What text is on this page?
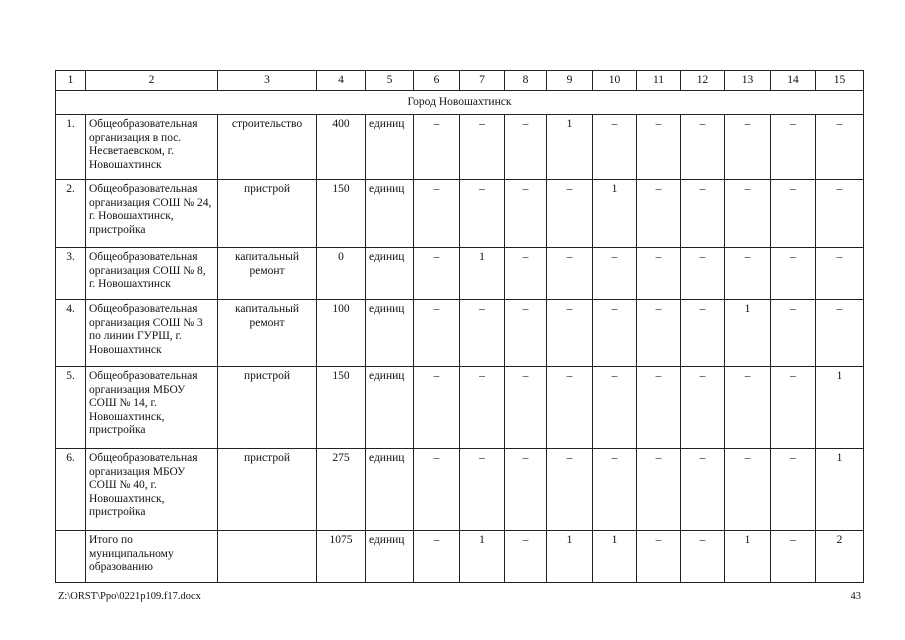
1	2	3	4	5	6	7	8	9	10	11	12	13	14	15
Город Новошахтинск														
1.	Общеобразовательная организация в пос. Несветаевском, г. Новошахтинск	строительство	400	единиц	–	–	–	1	–	–	–	–	–	–
2.	Общеобразовательная организация СОШ № 24, г. Новошахтинск, пристройка	пристрой	150	единиц	–	–	–	–	1	–	–	–	–	–
3.	Общеобразовательная организация СОШ № 8, г. Новошахтинск	капитальный ремонт	0	единиц	–	1	–	–	–	–	–	–	–	–
4.	Общеобразовательная организация СОШ № 3 по линии ГУРШ, г. Новошахтинск	капитальный ремонт	100	единиц	–	–	–	–	–	–	–	1	–	–
5.	Общеобразовательная организация МБОУ СОШ № 14, г. Новошахтинск, пристройка	пристрой	150	единиц	–	–	–	–	–	–	–	–	–	1
6.	Общеобразовательная организация МБОУ СОШ № 40, г. Новошахтинск, пристройка	пристрой	275	единиц	–	–	–	–	–	–	–	–	–	1
	Итого по муниципальному образованию		1075	единиц	–	1	–	1	1	–	–	1	–	2
Z:\ORST\Ppo\0221p109.f17.docx	43
